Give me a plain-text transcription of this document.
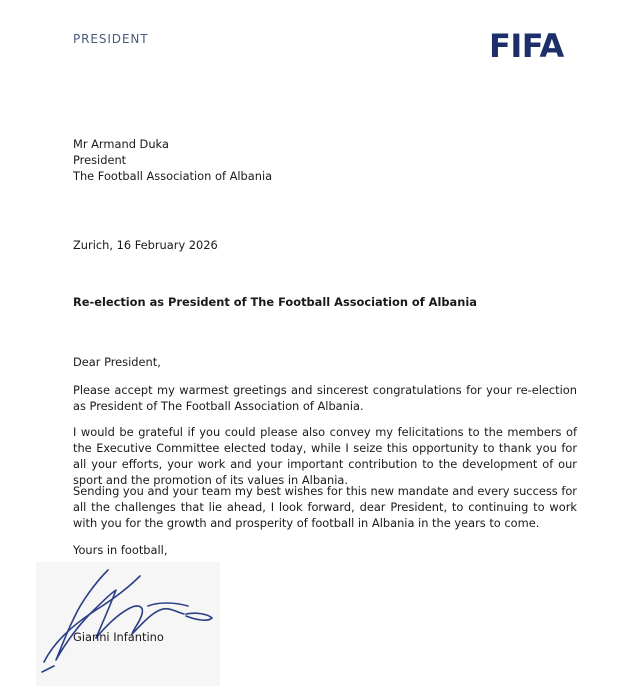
PRESIDENT	FIFA
Mr Armand Duka
President
The Football Association of Albania
Zurich, 16 February 2026
Re-election as President of The Football Association of Albania
Dear President,
Please accept my warmest greetings and sincerest congratulations for your re-election as President of The Football Association of Albania.
I would be grateful if you could please also convey my felicitations to the members of the Executive Committee elected today, while I seize this opportunity to thank you for all your efforts, your work and your important contribution to the development of our sport and the promotion of its values in Albania.
Sending you and your team my best wishes for this new mandate and every success for all the challenges that lie ahead, I look forward, dear President, to continuing to work with you for the growth and prosperity of football in Albania in the years to come.
Yours in football,
Gianni Infantino
